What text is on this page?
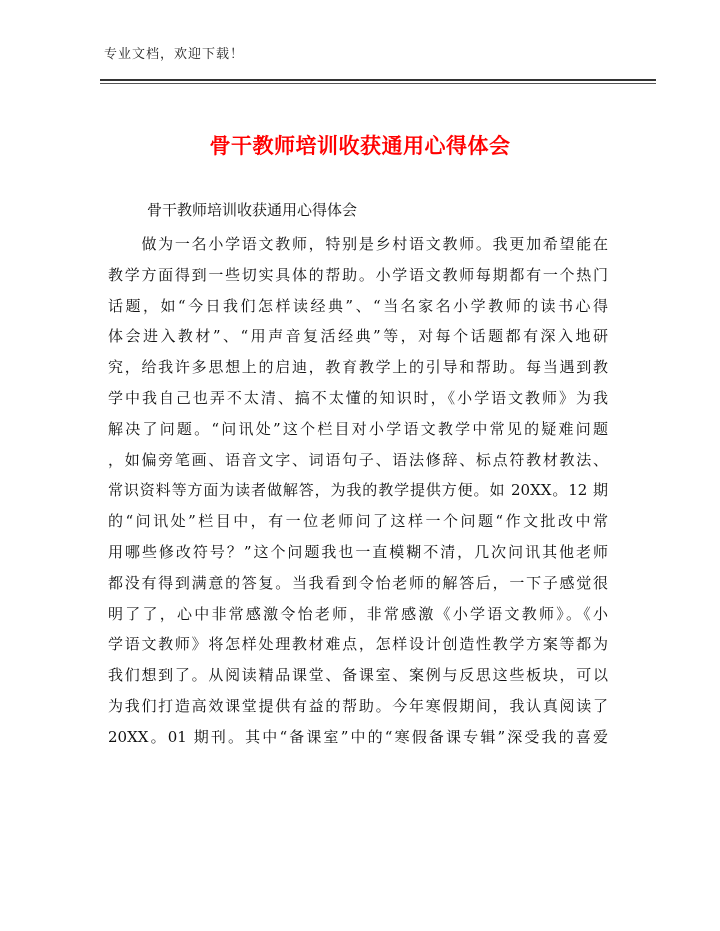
专业文档，欢迎下载！
骨干教师培训收获通用心得体会
骨干教师培训收获通用心得体会
　　做为一名小学语文教师，特别是乡村语文教师。我更加希望能在
教学方面得到一些切实具体的帮助。小学语文教师每期都有一个热门
话题，如“今日我们怎样读经典”、“当名家名小学教师的读书心得
体会进入教材”、“用声音复活经典”等，对每个话题都有深入地研
究，给我许多思想上的启迪，教育教学上的引导和帮助。每当遇到教
学中我自己也弄不太清、搞不太懂的知识时，《小学语文教师》为我
解决了问题。“问讯处”这个栏目对小学语文教学中常见的疑难问题
，如偏旁笔画、语音文字、词语句子、语法修辞、标点符教材教法、
常识资料等方面为读者做解答，为我的教学提供方便。如 20XX。12 期
的“问讯处”栏目中，有一位老师问了这样一个问题“作文批改中常
用哪些修改符号？”这个问题我也一直模糊不清，几次问讯其他老师
都没有得到满意的答复。当我看到令怡老师的解答后，一下子感觉很
明了了，心中非常感激令怡老师，非常感激《小学语文教师》。《小
学语文教师》将怎样处理教材难点，怎样设计创造性教学方案等都为
我们想到了。从阅读精品课堂、备课室、案例与反思这些板块，可以
为我们打造高效课堂提供有益的帮助。今年寒假期间，我认真阅读了
20XX。01 期刊。其中“备课室”中的“寒假备课专辑”深受我的喜爱
